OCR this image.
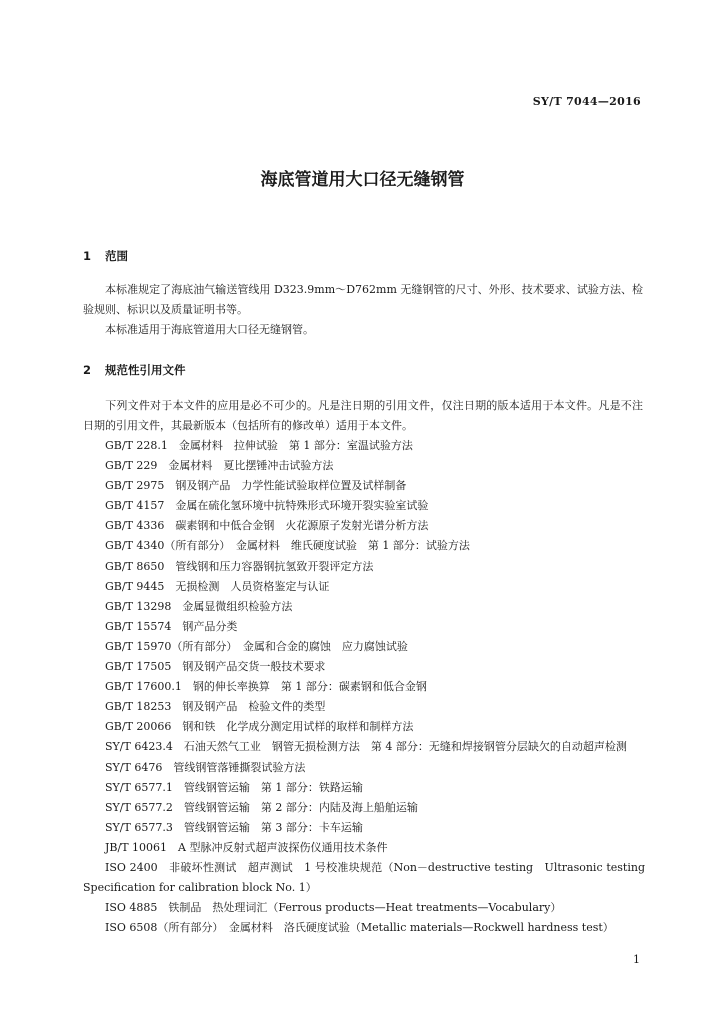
SY/T 7044—2016
海底管道用大口径无缝钢管
1 范围
本标准规定了海底油气输送管线用 D323.9mm～D762mm 无缝钢管的尺寸、外形、技术要求、试验方法、检验规则、标识以及质量证明书等。
本标准适用于海底管道用大口径无缝钢管。
2 规范性引用文件
下列文件对于本文件的应用是必不可少的。凡是注日期的引用文件，仅注日期的版本适用于本文件。凡是不注日期的引用文件，其最新版本（包括所有的修改单）适用于本文件。
GB/T 228.1　金属材料　拉伸试验　第 1 部分：室温试验方法
GB/T 229　金属材料　夏比摆锤冲击试验方法
GB/T 2975　钢及钢产品　力学性能试验取样位置及试样制备
GB/T 4157　金属在硫化氢环境中抗特殊形式环境开裂实验室试验
GB/T 4336　碳素钢和中低合金钢　火花源原子发射光谱分析方法
GB/T 4340（所有部分）　金属材料　维氏硬度试验　第 1 部分：试验方法
GB/T 8650　管线钢和压力容器钢抗氢致开裂评定方法
GB/T 9445　无损检测　人员资格鉴定与认证
GB/T 13298　金属显微组织检验方法
GB/T 15574　钢产品分类
GB/T 15970（所有部分）　金属和合金的腐蚀　应力腐蚀试验
GB/T 17505　钢及钢产品交货一般技术要求
GB/T 17600.1　钢的伸长率换算　第 1 部分：碳素钢和低合金钢
GB/T 18253　钢及钢产品　检验文件的类型
GB/T 20066　钢和铁　化学成分测定用试样的取样和制样方法
SY/T 6423.4　石油天然气工业　钢管无损检测方法　第 4 部分：无缝和焊接钢管分层缺欠的自动超声检测
SY/T 6476　管线钢管落锤撕裂试验方法
SY/T 6577.1　管线钢管运输　第 1 部分：铁路运输
SY/T 6577.2　管线钢管运输　第 2 部分：内陆及海上船舶运输
SY/T 6577.3　管线钢管运输　第 3 部分：卡车运输
JB/T 10061　A 型脉冲反射式超声波探伤仪通用技术条件
ISO 2400　非破坏性测试　超声测试　1 号校准块规范（Non－destructive testing　Ultrasonic testing　Specification for calibration block No. 1）
ISO 4885　铁制品　热处理词汇（Ferrous products—Heat treatments—Vocabulary）
ISO 6508（所有部分）　金属材料　洛氏硬度试验（Metallic materials—Rockwell hardness test）
1
